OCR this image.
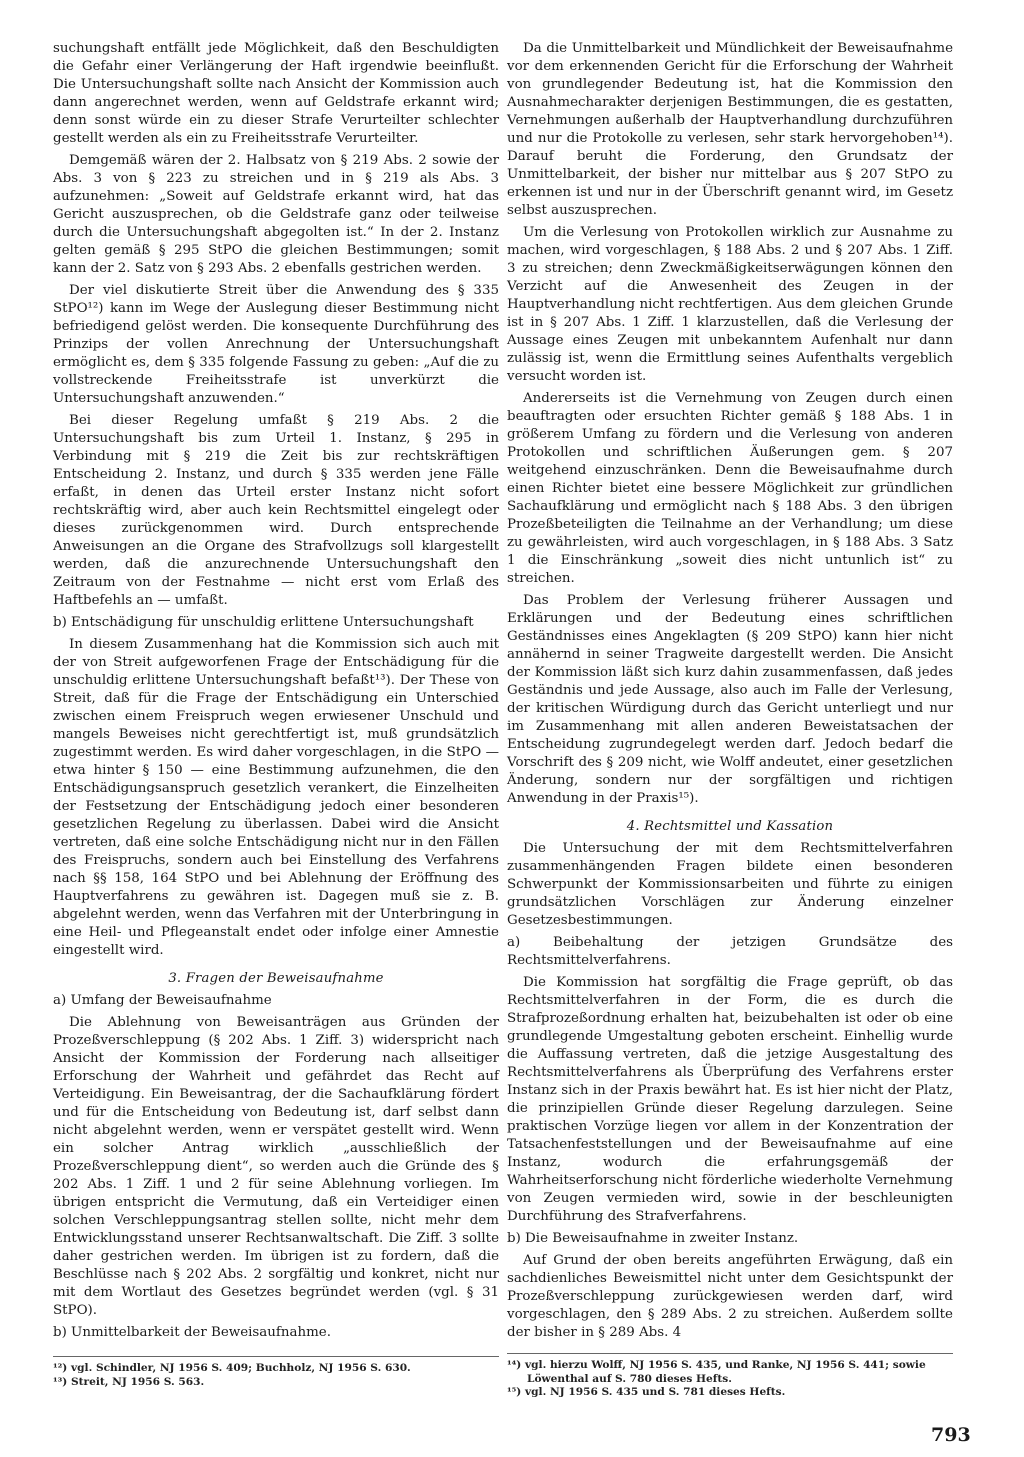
suchungshaft entfällt jede Möglichkeit, daß den Beschuldigten die Gefahr einer Verlängerung der Haft irgendwie beeinflußt. Die Untersuchungshaft sollte nach Ansicht der Kommission auch dann angerechnet werden, wenn auf Geldstrafe erkannt wird; denn sonst würde ein zu dieser Strafe Verurteilter schlechter gestellt werden als ein zu Freiheitsstrafe Verurteilter.

Demgemäß wären der 2. Halbsatz von § 219 Abs. 2 sowie der Abs. 3 von § 223 zu streichen und in § 219 als Abs. 3 aufzunehmen: „Soweit auf Geldstrafe erkannt wird, hat das Gericht auszusprechen, ob die Geldstrafe ganz oder teilweise durch die Untersuchungshaft abgegolten ist.“ In der 2. Instanz gelten gemäß § 295 StPO die gleichen Bestimmungen; somit kann der 2. Satz von § 293 Abs. 2 ebenfalls gestrichen werden.

Der viel diskutierte Streit über die Anwendung des § 335 StPO¹²) kann im Wege der Auslegung dieser Bestimmung nicht befriedigend gelöst werden. Die konsequente Durchführung des Prinzips der vollen Anrechnung der Untersuchungshaft ermöglicht es, dem § 335 folgende Fassung zu geben: „Auf die zu vollstreckende Freiheitsstrafe ist unverkürzt die Untersuchungshaft anzuwenden.“

Bei dieser Regelung umfaßt § 219 Abs. 2 die Untersuchungshaft bis zum Urteil 1. Instanz, § 295 in Verbindung mit § 219 die Zeit bis zur rechtskräftigen Entscheidung 2. Instanz, und durch § 335 werden jene Fälle erfaßt, in denen das Urteil erster Instanz nicht sofort rechtskräftig wird, aber auch kein Rechtsmittel eingelegt oder dieses zurückgenommen wird. Durch entsprechende Anweisungen an die Organe des Strafvollzugs soll klargestellt werden, daß die anzurechnende Untersuchungshaft den Zeitraum von der Festnahme — nicht erst vom Erlaß des Haftbefehls an — umfaßt.

b) Entschädigung für unschuldig erlittene Untersuchungshaft

In diesem Zusammenhang hat die Kommission sich auch mit der von Streit aufgeworfenen Frage der Entschädigung für die unschuldig erlittene Untersuchungshaft befaßt¹³). Der These von Streit, daß für die Frage der Entschädigung ein Unterschied zwischen einem Freispruch wegen erwiesener Unschuld und mangels Beweises nicht gerechtfertigt ist, muß grundsätzlich zugestimmt werden. Es wird daher vorgeschlagen, in die StPO — etwa hinter § 150 — eine Bestimmung aufzunehmen, die den Entschädigungsanspruch gesetzlich verankert, die Einzelheiten der Festsetzung der Entschädigung jedoch einer besonderen gesetzlichen Regelung zu überlassen. Dabei wird die Ansicht vertreten, daß eine solche Entschädigung nicht nur in den Fällen des Freispruchs, sondern auch bei Einstellung des Verfahrens nach §§ 158, 164 StPO und bei Ablehnung der Eröffnung des Hauptverfahrens zu gewähren ist. Dagegen muß sie z. B. abgelehnt werden, wenn das Verfahren mit der Unterbringung in eine Heil- und Pflegeanstalt endet oder infolge einer Amnestie eingestellt wird.

3. Fragen der Beweisaufnahme

a) Umfang der Beweisaufnahme

Die Ablehnung von Beweisanträgen aus Gründen der Prozeßverschleppung (§ 202 Abs. 1 Ziff. 3) widerspricht nach Ansicht der Kommission der Forderung nach allseitiger Erforschung der Wahrheit und gefährdet das Recht auf Verteidigung. Ein Beweisantrag, der die Sachaufklärung fördert und für die Entscheidung von Bedeutung ist, darf selbst dann nicht abgelehnt werden, wenn er verspätet gestellt wird. Wenn ein solcher Antrag wirklich „ausschließlich der Prozeßverschleppung dient“, so werden auch die Gründe des § 202 Abs. 1 Ziff. 1 und 2 für seine Ablehnung vorliegen. Im übrigen entspricht die Vermutung, daß ein Verteidiger einen solchen Verschleppungsantrag stellen sollte, nicht mehr dem Entwicklungsstand unserer Rechtsanwaltschaft. Die Ziff. 3 sollte daher gestrichen werden. Im übrigen ist zu fordern, daß die Beschlüsse nach § 202 Abs. 2 sorgfältig und konkret, nicht nur mit dem Wortlaut des Gesetzes begründet werden (vgl. § 31 StPO).

b) Unmittelbarkeit der Beweisaufnahme.

Da die Unmittelbarkeit und Mündlichkeit der Beweisaufnahme vor dem erkennenden Gericht für die Erforschung der Wahrheit von grundlegender Bedeutung ist, hat die Kommission den Ausnahmecharakter derjenigen Bestimmungen, die es gestatten, Vernehmungen außerhalb der Hauptverhandlung durchzuführen und nur die Protokolle zu verlesen, sehr stark hervorgehoben¹⁴). Darauf beruht die Forderung, den Grundsatz der Unmittelbarkeit, der bisher nur mittelbar aus § 207 StPO zu erkennen ist und nur in der Überschrift genannt wird, im Gesetz selbst auszusprechen.

Um die Verlesung von Protokollen wirklich zur Ausnahme zu machen, wird vorgeschlagen, § 188 Abs. 2 und § 207 Abs. 1 Ziff. 3 zu streichen; denn Zweckmäßigkeitserwägungen können den Verzicht auf die Anwesenheit des Zeugen in der Hauptverhandlung nicht rechtfertigen. Aus dem gleichen Grunde ist in § 207 Abs. 1 Ziff. 1 klarzustellen, daß die Verlesung der Aussage eines Zeugen mit unbekanntem Aufenhalt nur dann zulässig ist, wenn die Ermittlung seines Aufenthalts vergeblich versucht worden ist.

Andererseits ist die Vernehmung von Zeugen durch einen beauftragten oder ersuchten Richter gemäß § 188 Abs. 1 in größerem Umfang zu fördern und die Verlesung von anderen Protokollen und schriftlichen Äußerungen gem. § 207 weitgehend einzuschränken. Denn die Beweisaufnahme durch einen Richter bietet eine bessere Möglichkeit zur gründlichen Sachaufklärung und ermöglicht nach § 188 Abs. 3 den übrigen Prozeßbeteiligten die Teilnahme an der Verhandlung; um diese zu gewährleisten, wird auch vorgeschlagen, in § 188 Abs. 3 Satz 1 die Einschränkung „soweit dies nicht untunlich ist“ zu streichen.

Das Problem der Verlesung früherer Aussagen und Erklärungen und der Bedeutung eines schriftlichen Geständnisses eines Angeklagten (§ 209 StPO) kann hier nicht annähernd in seiner Tragweite dargestellt werden. Die Ansicht der Kommission läßt sich kurz dahin zusammenfassen, daß jedes Geständnis und jede Aussage, also auch im Falle der Verlesung, der kritischen Würdigung durch das Gericht unterliegt und nur im Zusammenhang mit allen anderen Beweistatsachen der Entscheidung zugrundegelegt werden darf. Jedoch bedarf die Vorschrift des § 209 nicht, wie Wolff andeutet, einer gesetzlichen Änderung, sondern nur der sorgfältigen und richtigen Anwendung in der Praxis¹⁵).

4. Rechtsmittel und Kassation

Die Untersuchung der mit dem Rechtsmittelverfahren zusammenhängenden Fragen bildete einen besonderen Schwerpunkt der Kommissionsarbeiten und führte zu einigen grundsätzlichen Vorschlägen zur Änderung einzelner Gesetzesbestimmungen.

a) Beibehaltung der jetzigen Grundsätze des Rechtsmittelverfahrens.

Die Kommission hat sorgfältig die Frage geprüft, ob das Rechtsmittelverfahren in der Form, die es durch die Strafprozeßordnung erhalten hat, beizubehalten ist oder ob eine grundlegende Umgestaltung geboten erscheint. Einhellig wurde die Auffassung vertreten, daß die jetzige Ausgestaltung des Rechtsmittelverfahrens als Überprüfung des Verfahrens erster Instanz sich in der Praxis bewährt hat. Es ist hier nicht der Platz, die prinzipiellen Gründe dieser Regelung darzulegen. Seine praktischen Vorzüge liegen vor allem in der Konzentration der Tatsachenfeststellungen und der Beweisaufnahme auf eine Instanz, wodurch die erfahrungsgemäß der Wahrheitserforschung nicht förderliche wiederholte Vernehmung von Zeugen vermieden wird, sowie in der beschleunigten Durchführung des Strafverfahrens.

b) Die Beweisaufnahme in zweiter Instanz.

Auf Grund der oben bereits angeführten Erwägung, daß ein sachdienliches Beweismittel nicht unter dem Gesichtspunkt der Prozeßverschleppung zurückgewiesen werden darf, wird vorgeschlagen, den § 289 Abs. 2 zu streichen. Außerdem sollte der bisher in § 289 Abs. 4

¹²) vgl. Schindler, NJ 1956 S. 409; Buchholz, NJ 1956 S. 630.
¹³) Streit, NJ 1956 S. 563.
¹⁴) vgl. hierzu Wolff, NJ 1956 S. 435, und Ranke, NJ 1956 S. 441; sowie Löwenthal auf S. 780 dieses Hefts.
¹⁵) vgl. NJ 1956 S. 435 und S. 781 dieses Hefts.
793
